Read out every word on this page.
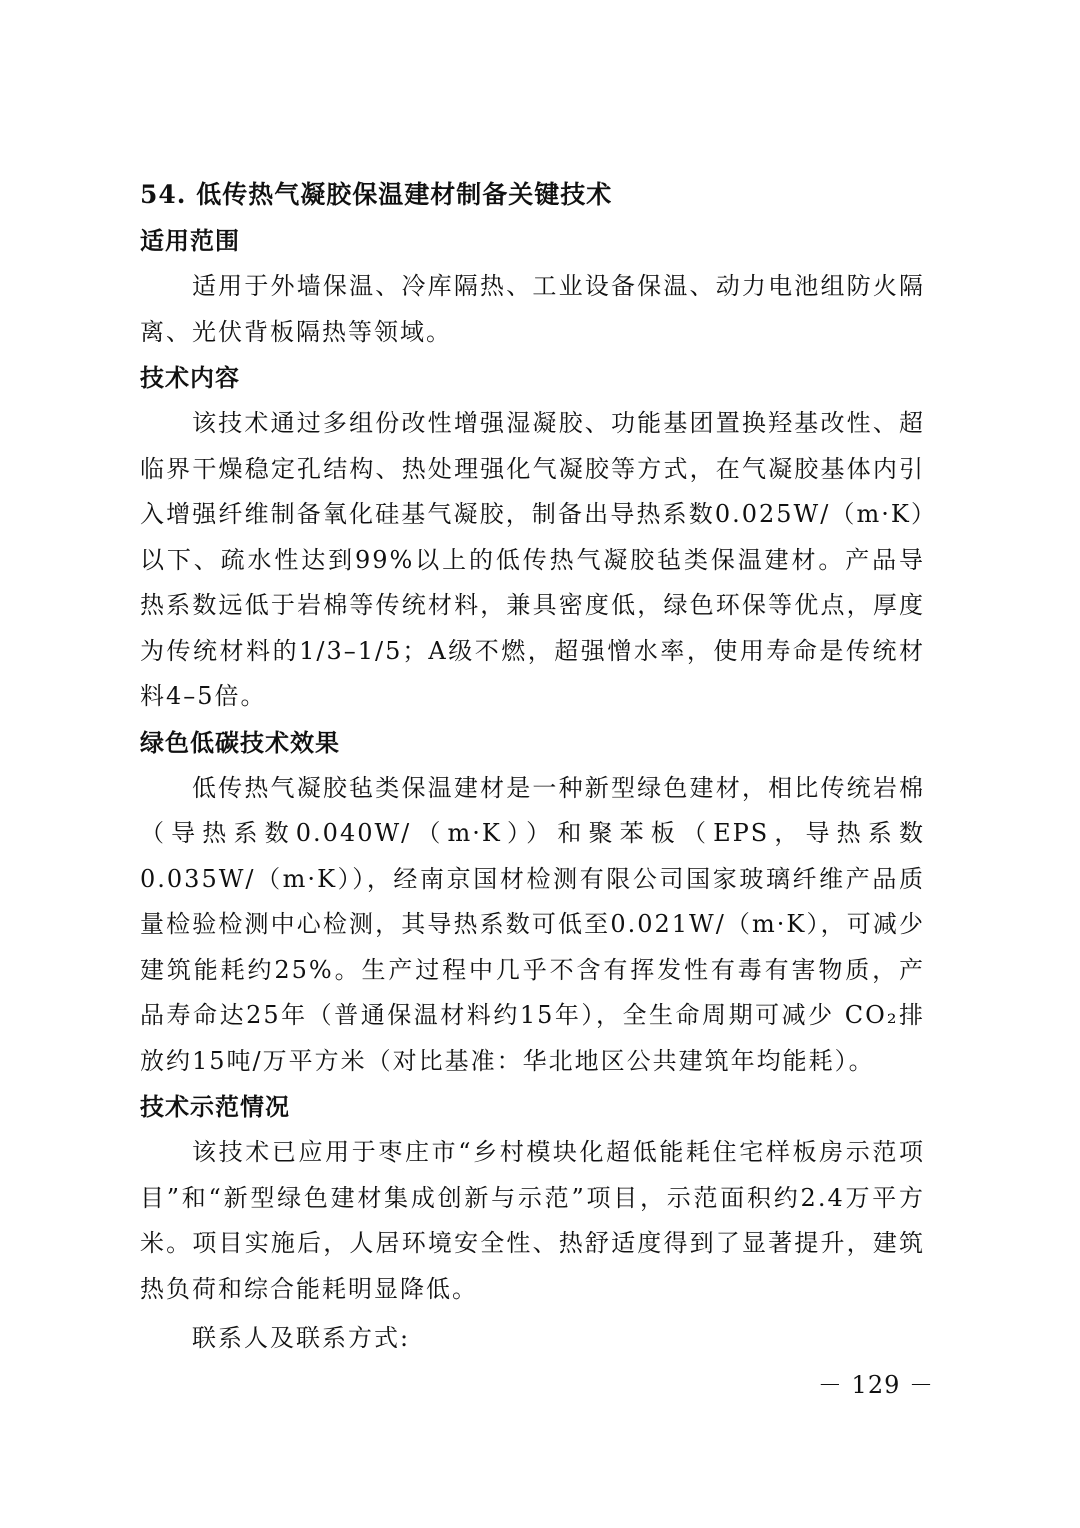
54. 低传热气凝胶保温建材制备关键技术
适用范围

适用于外墙保温、冷库隔热、工业设备保温、动力电池组防火隔离、光伏背板隔热等领域。

技术内容

该技术通过多组份改性增强湿凝胶、功能基团置换羟基改性、超临界干燥稳定孔结构、热处理强化气凝胶等方式，在气凝胶基体内引入增强纤维制备氧化硅基气凝胶，制备出导热系数0.025W/（m·K）以下、疏水性达到99%以上的低传热气凝胶毡类保温建材。产品导热系数远低于岩棉等传统材料，兼具密度低，绿色环保等优点，厚度为传统材料的1/3–1/5；A级不燃，超强憎水率，使用寿命是传统材料4–5倍。

绿色低碳技术效果

低传热气凝胶毡类保温建材是一种新型绿色建材，相比传统岩棉（导热系数0.040W/（m·K））和聚苯板（EPS，导热系数0.035W/（m·K）），经南京国材检测有限公司国家玻璃纤维产品质量检验检测中心检测，其导热系数可低至0.021W/（m·K），可减少建筑能耗约25%。生产过程中几乎不含有挥发性有毒有害物质，产品寿命达25年（普通保温材料约15年），全生命周期可减少 CO₂排放约15吨/万平方米（对比基准：华北地区公共建筑年均能耗）。

技术示范情况

该技术已应用于枣庄市“乡村模块化超低能耗住宅样板房示范项目”和“新型绿色建材集成创新与示范”项目，示范面积约2.4万平方米。项目实施后，人居环境安全性、热舒适度得到了显著提升，建筑热负荷和综合能耗明显降低。

联系人及联系方式:

－ 129 －
